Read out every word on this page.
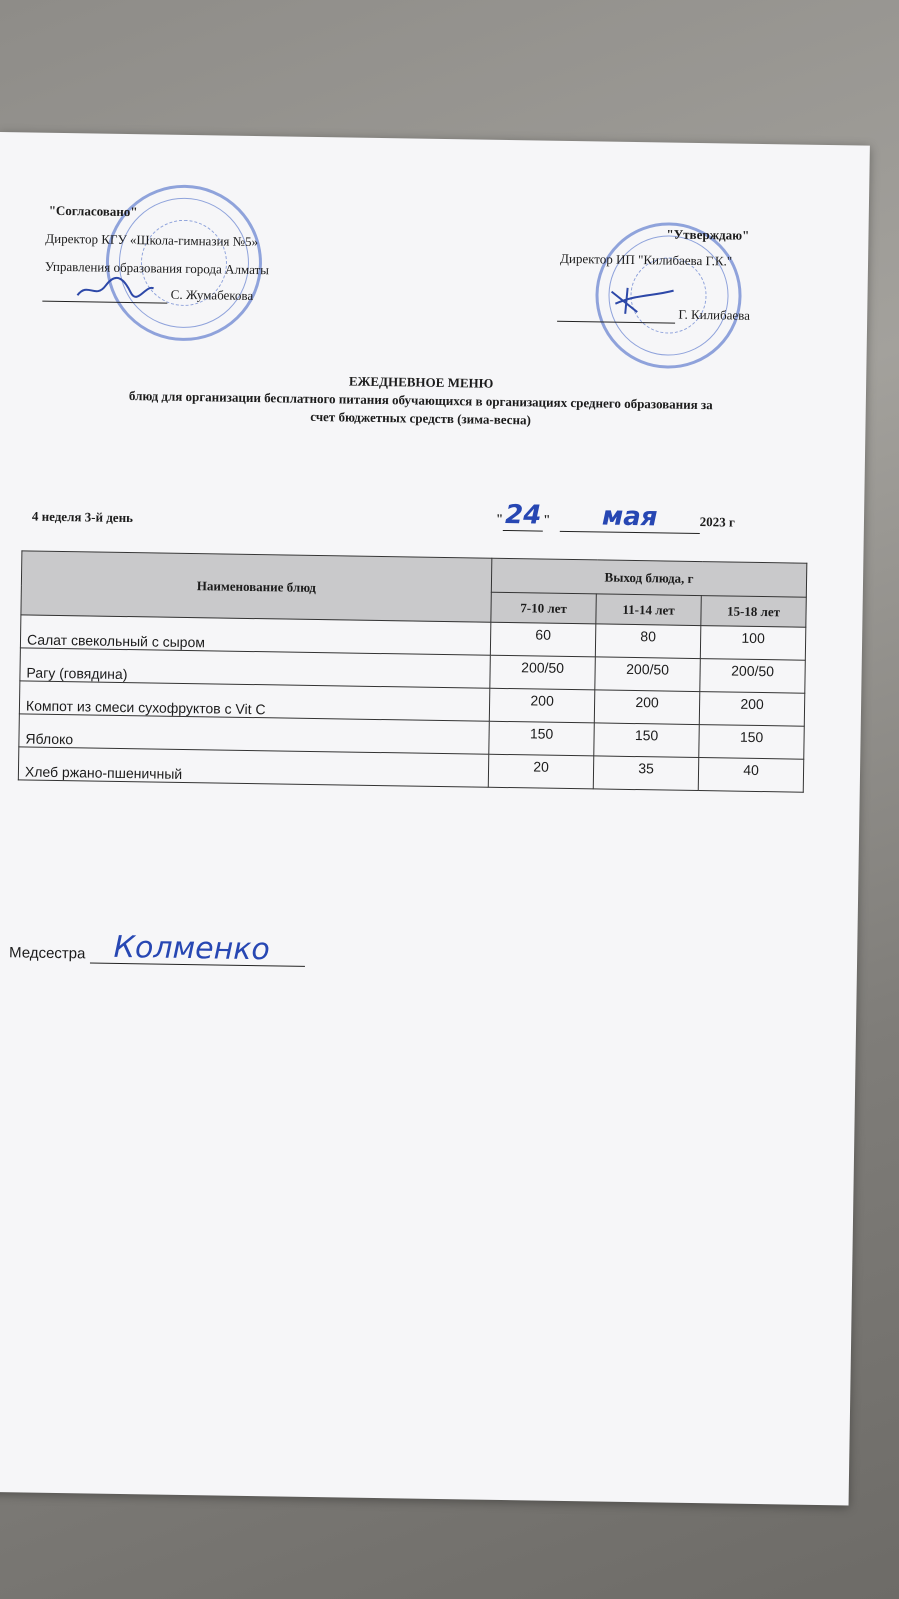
"Согласовано"
Директор КГУ «Школа-гимназия №5»
Управления образования города Алматы
С. Жумабекова
"Утверждаю"
Директор ИП "Килибаева Г.К."
Г. Килибаева
ЕЖЕДНЕВНОЕ МЕНЮ
блюд для организации бесплатного питания обучающихся в организациях среднего образования за
счет бюджетных средств (зима-весна)
4 неделя 3-й день	"24" мая	2023 г
Наименование блюд	Выход блюда, г		
	7-10 лет	11-14 лет	15-18 лет
Салат свекольный с сыром	60	80	100
Рагу (говядина)	200/50	200/50	200/50
Компот из смеси сухофруктов с Vit C	200	200	200
Яблоко	150	150	150
Хлеб ржано-пшеничный	20	35	40
Медсестра Колменко
